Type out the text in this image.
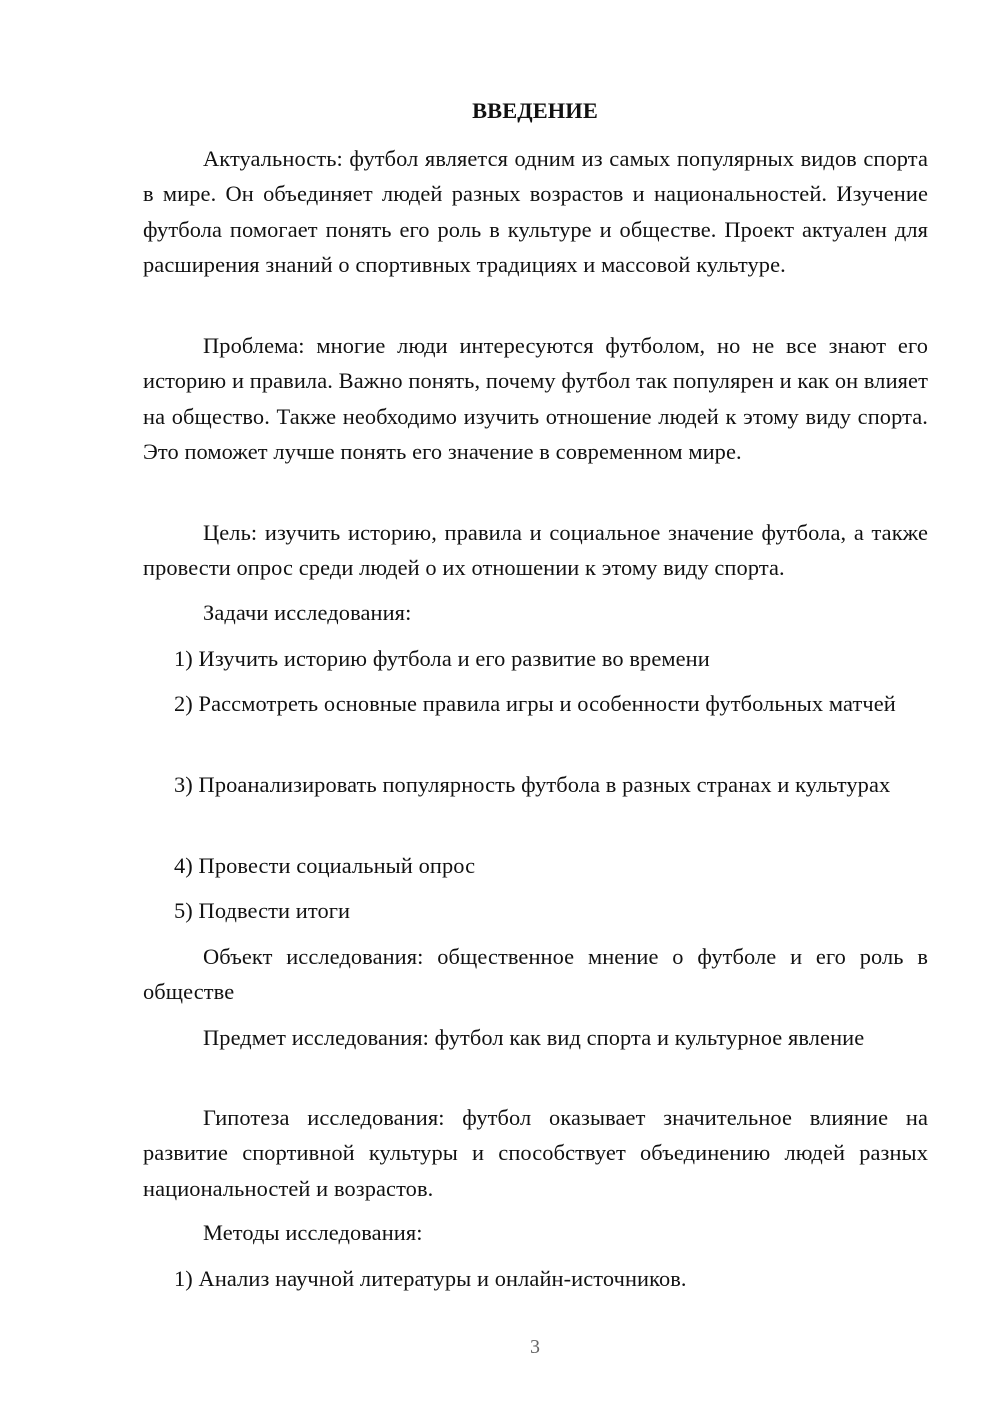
ВВЕДЕНИЕ

Актуальность: футбол является одним из самых популярных видов спорта в мире. Он объединяет людей разных возрастов и национальностей. Изучение футбола помогает понять его роль в культуре и обществе. Проект актуален для расширения знаний о спортивных традициях и массовой культуре.

Проблема: многие люди интересуются футболом, но не все знают его историю и правила. Важно понять, почему футбол так популярен и как он влияет на общество. Также необходимо изучить отношение людей к этому виду спорта. Это поможет лучше понять его значение в современном мире.

Цель: изучить историю, правила и социальное значение футбола, а также провести опрос среди людей о их отношении к этому виду спорта.

Задачи исследования:

1) Изучить историю футбола и его развитие во времени

2) Рассмотреть основные правила игры и особенности футбольных матчей

3) Проанализировать популярность футбола в разных странах и культурах

4) Провести социальный опрос

5) Подвести итоги

Объект исследования: общественное мнение о футболе и его роль в обществе

Предмет исследования: футбол как вид спорта и культурное явление

Гипотеза исследования: футбол оказывает значительное влияние на развитие спортивной культуры и способствует объединению людей разных национальностей и возрастов.

Методы исследования:

1) Анализ научной литературы и онлайн-источников.

3
